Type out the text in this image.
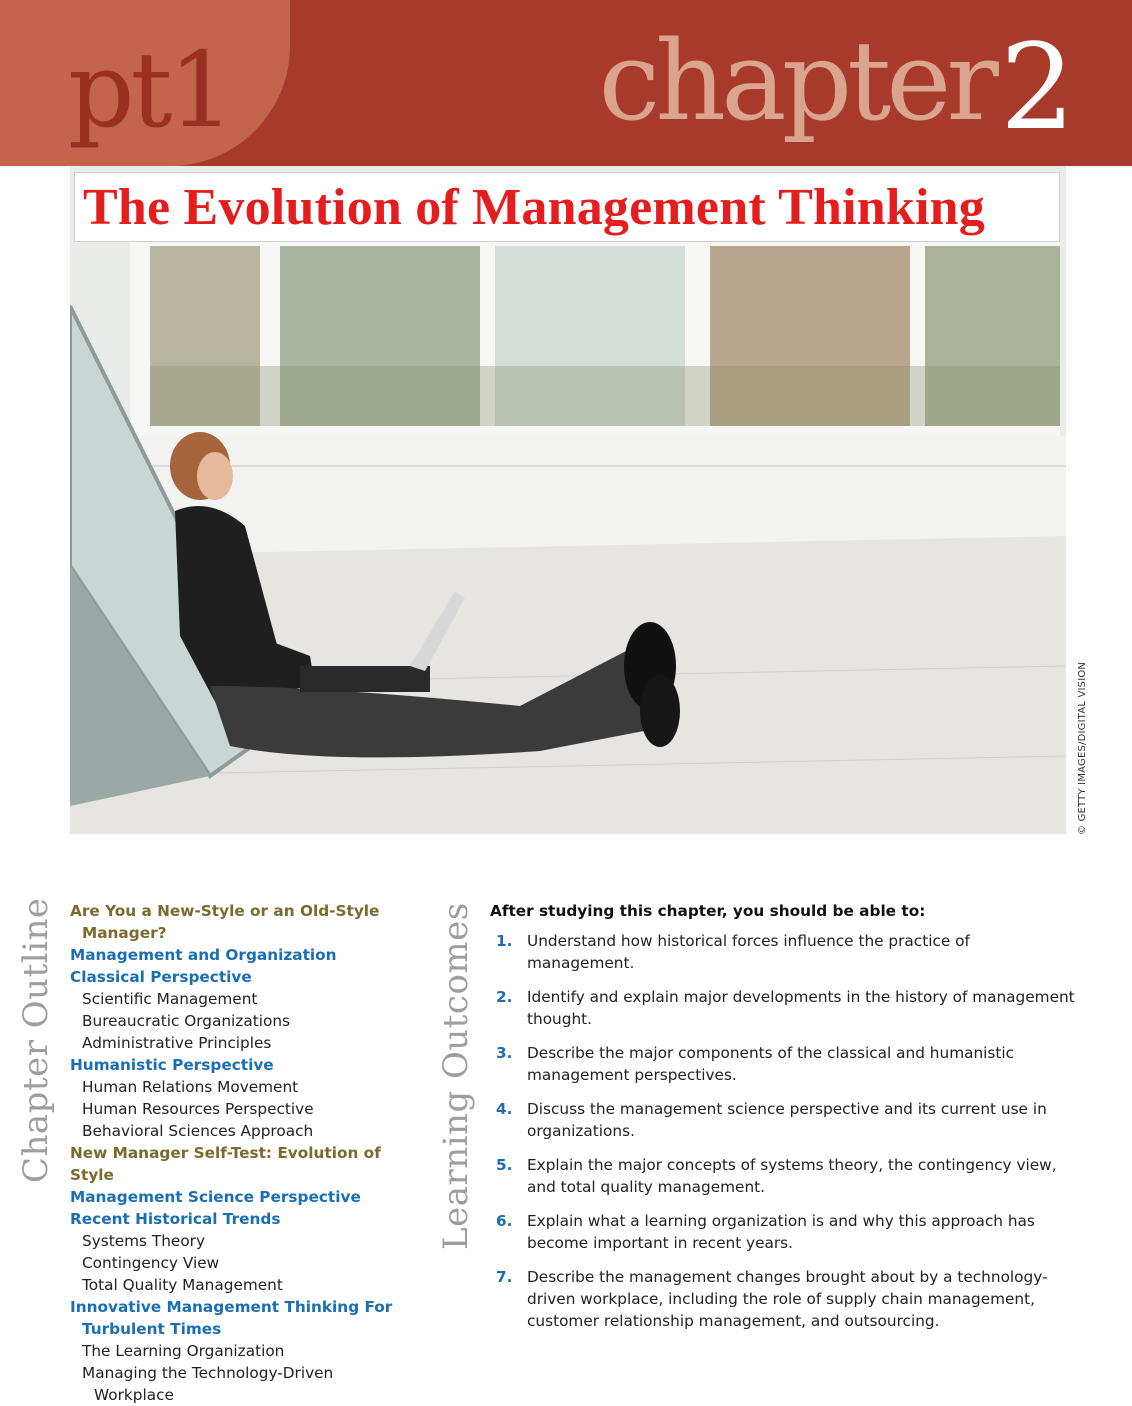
pt1	chapter 2
The Evolution of Management Thinking
© GETTY IMAGES/DIGITAL VISION
Chapter Outline Are You a New-Style or an Old-Style
Manager?
Management and Organization
Classical Perspective
Scientific Management
Bureaucratic Organizations
Administrative Principles
Humanistic Perspective
Human Relations Movement
Human Resources Perspective
Behavioral Sciences Approach
New Manager Self-Test: Evolution of Style
Management Science Perspective
Recent Historical Trends
Systems Theory
Contingency View
Total Quality Management
Innovative Management Thinking For
Turbulent Times
The Learning Organization
Managing the Technology-Driven
Workplace
Learning Outcomes After studying this chapter, you should be able to:
1. Understand how historical forces influence the practice of management.
2. Identify and explain major developments in the history of management thought.
3. Describe the major components of the classical and humanistic management perspectives.
4. Discuss the management science perspective and its current use in organizations.
5. Explain the major concepts of systems theory, the contingency view, and total quality management.
6. Explain what a learning organization is and why this approach has become important in recent years.
7. Describe the management changes brought about by a technology-driven workplace, including the role of supply chain management, customer relationship management, and outsourcing.
